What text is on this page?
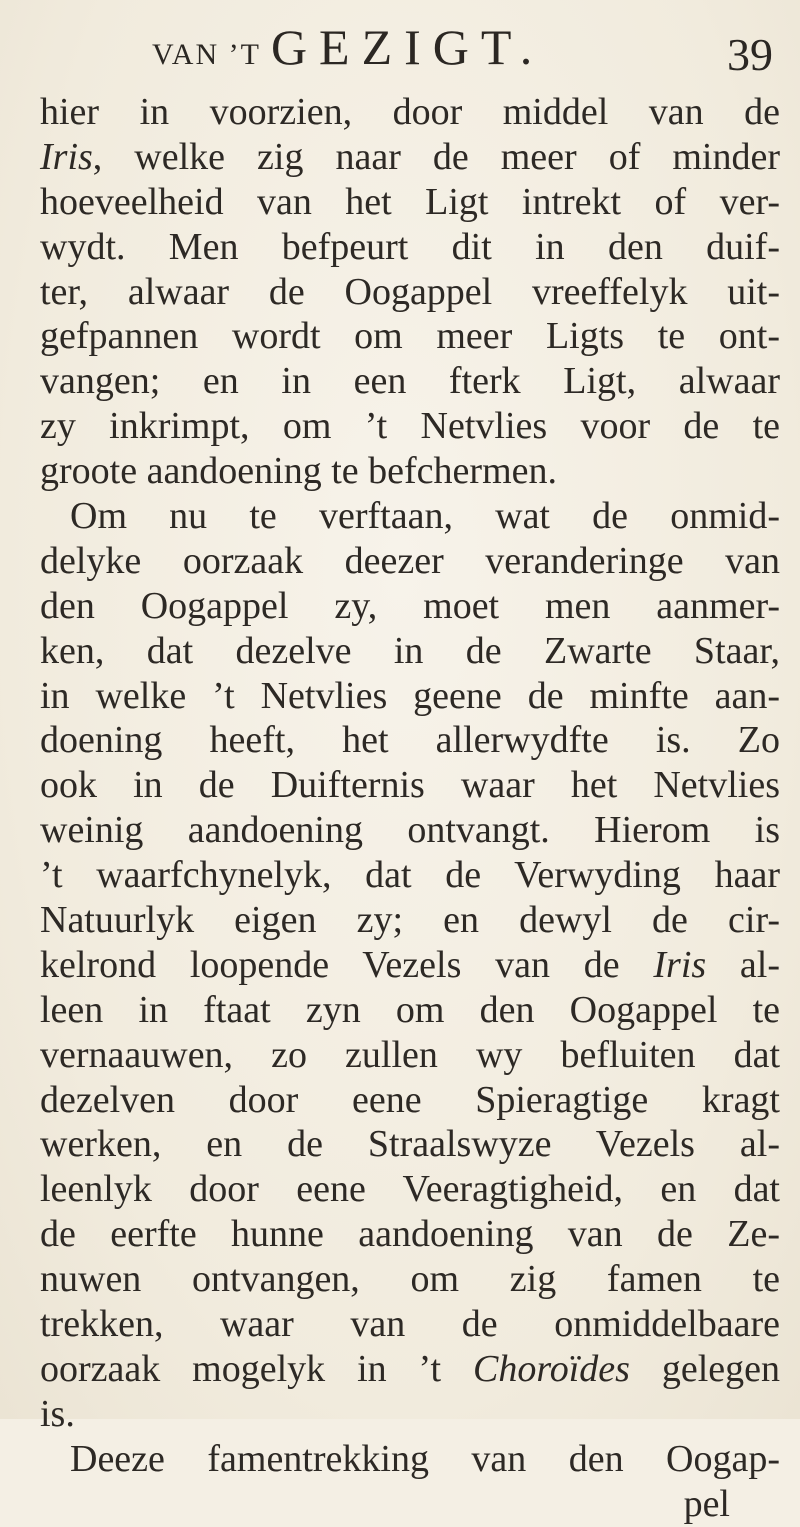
VAN ’T GEZIGT.	39
hier in voorzien, door middel van de
Iris, welke zig naar de meer of minder
hoeveelheid van het Ligt intrekt of ver-
wydt. Men befpeurt dit in den duif-
ter, alwaar de Oogappel vreeffelyk uit-
gefpannen wordt om meer Ligts te ont-
vangen; en in een fterk Ligt, alwaar
zy inkrimpt, om ’t Netvlies voor de te
groote aandoening te befchermen.
Om nu te verftaan, wat de onmid-
delyke oorzaak deezer veranderinge van
den Oogappel zy, moet men aanmer-
ken, dat dezelve in de Zwarte Staar,
in welke ’t Netvlies geene de minfte aan-
doening heeft, het allerwydfte is. Zo
ook in de Duifternis waar het Netvlies
weinig aandoening ontvangt. Hierom is
’t waarfchynelyk, dat de Verwyding haar
Natuurlyk eigen zy; en dewyl de cir-
kelrond loopende Vezels van de Iris al-
leen in ftaat zyn om den Oogappel te
vernaauwen, zo zullen wy befluiten dat
dezelven door eene Spieragtige kragt
werken, en de Straalswyze Vezels al-
leenlyk door eene Veeragtigheid, en dat
de eerfte hunne aandoening van de Ze-
nuwen ontvangen, om zig famen te
trekken, waar van de onmiddelbaare
oorzaak mogelyk in ’t Choroïdes gelegen
is.
Deeze famentrekking van den Oogap-
pel
